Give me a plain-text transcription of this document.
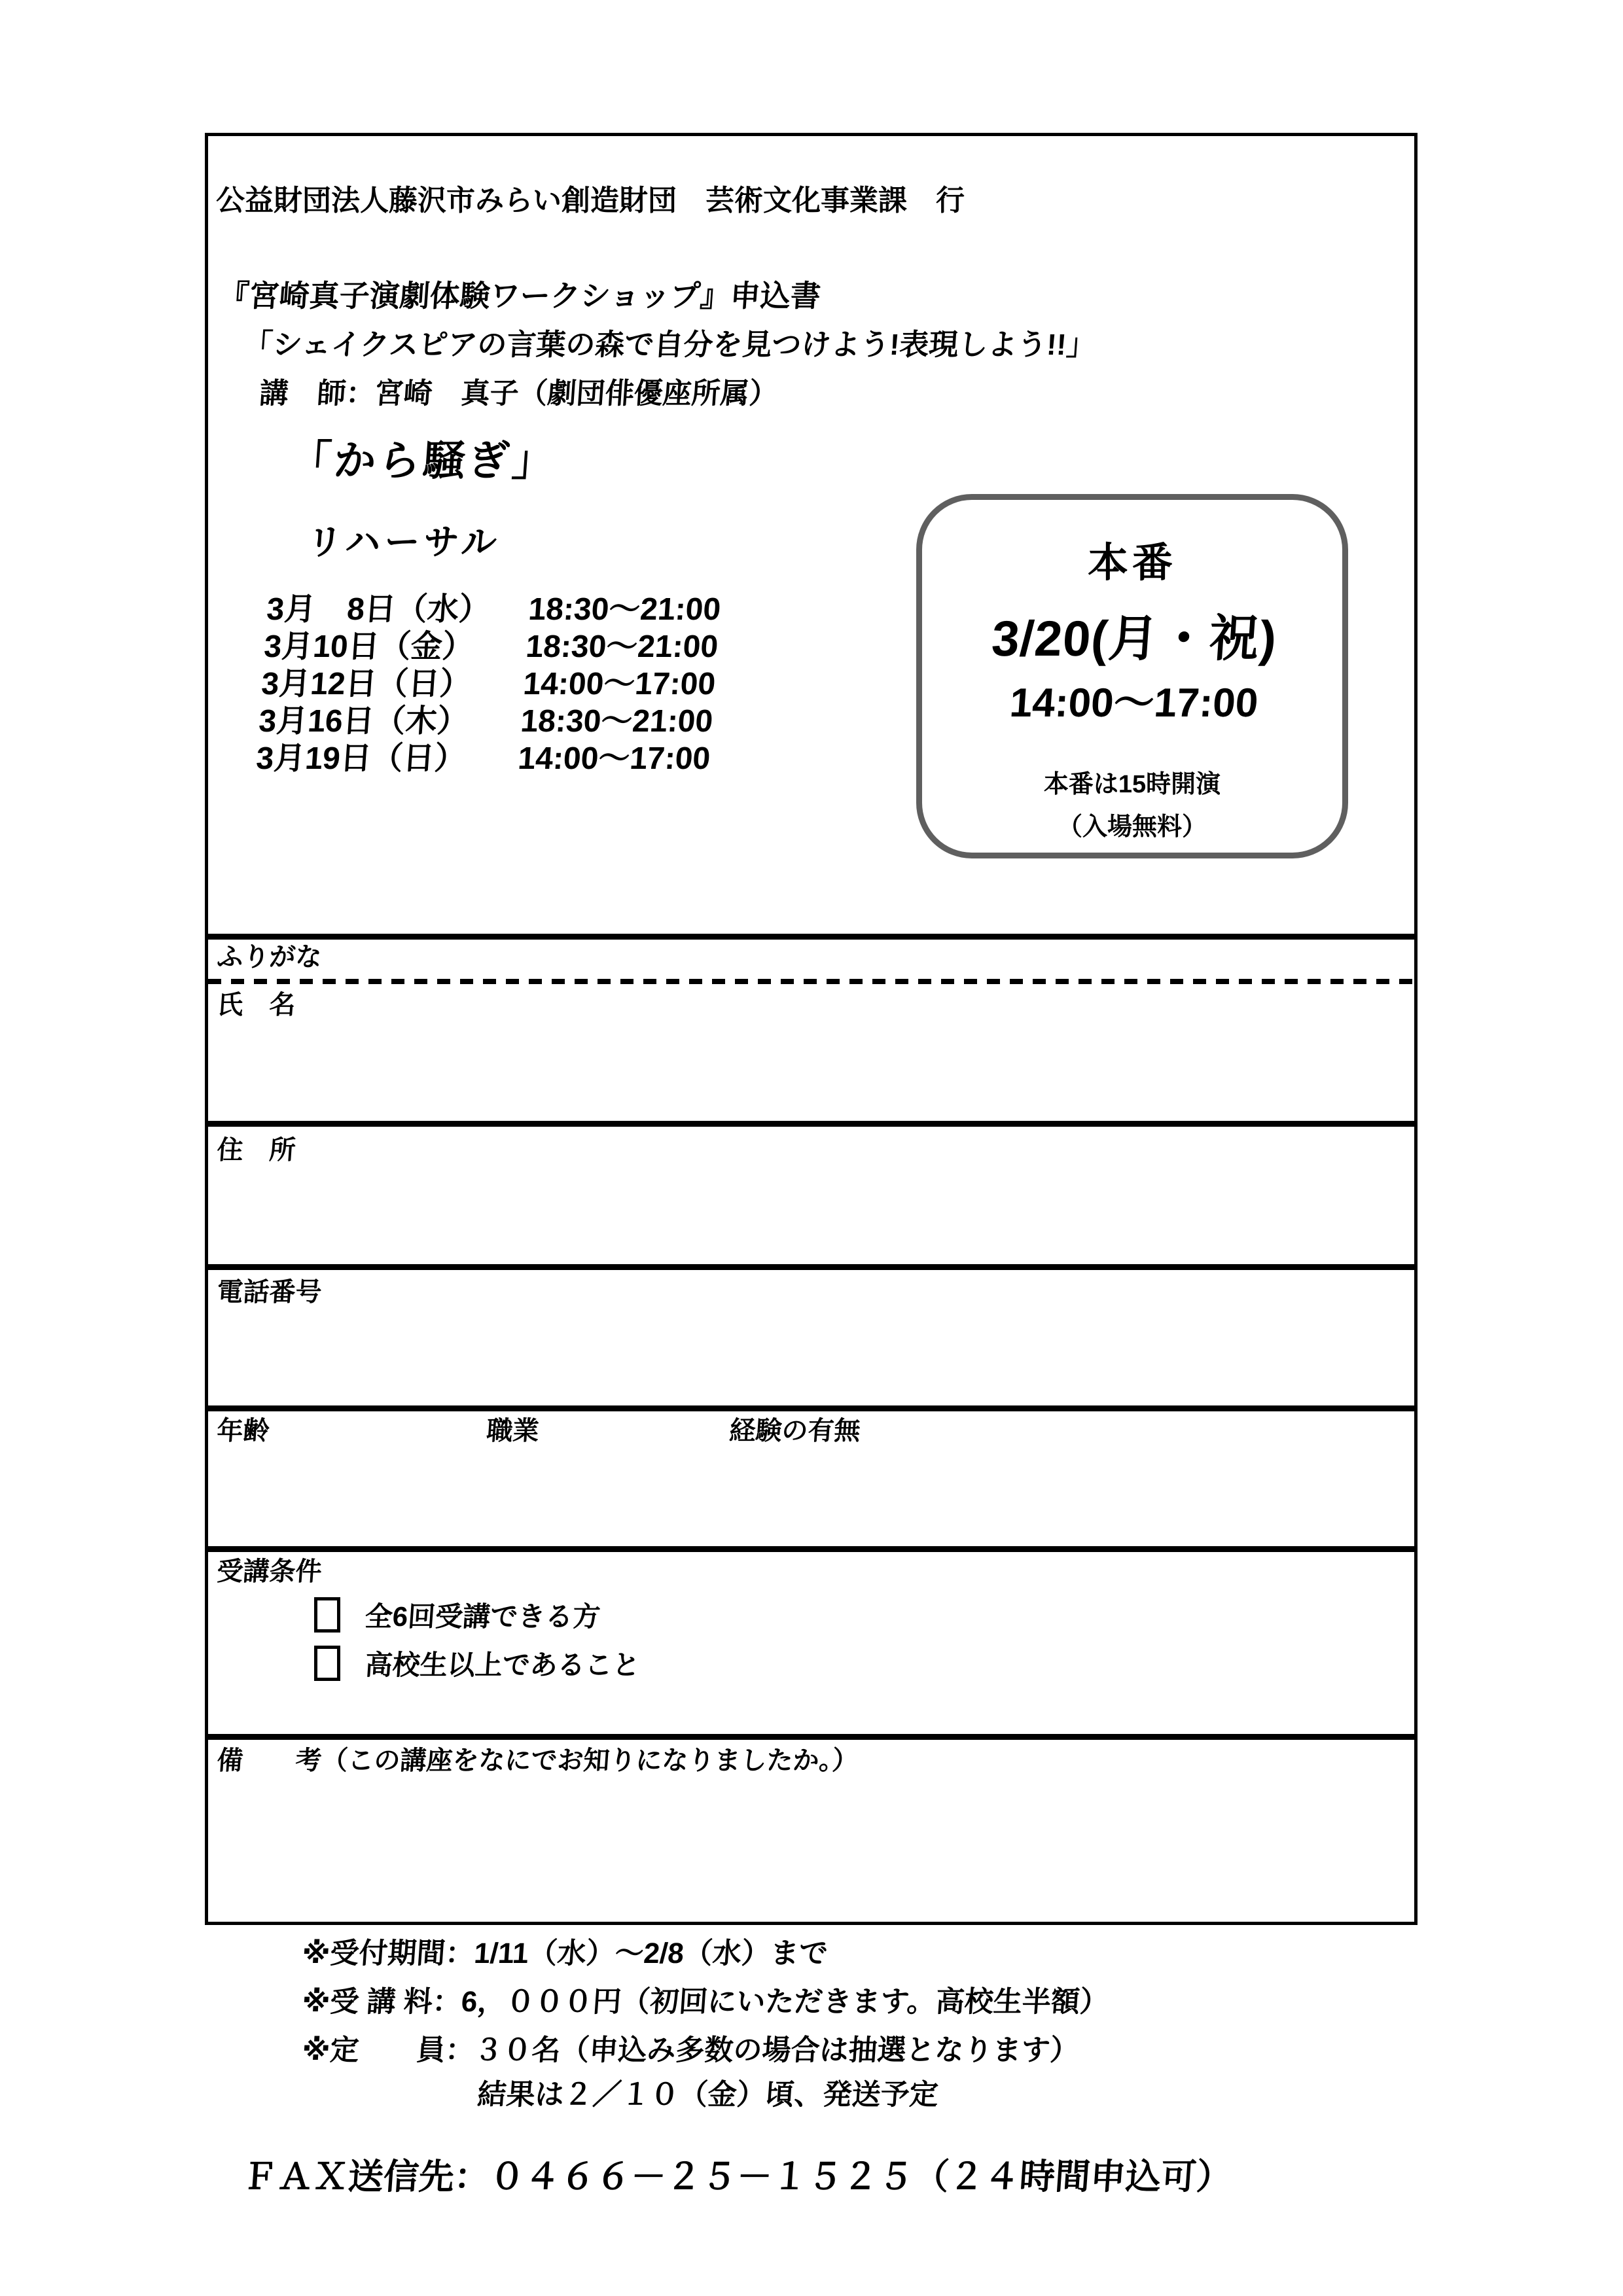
公益財団法人藤沢市みらい創造財団　芸術文化事業課　行
『宮崎真子演劇体験ワークショップ』申込書
「シェイクスピアの言葉の森で自分を見つけよう!表現しよう!!」
講　師：宮崎　真子（劇団俳優座所属）
「から騒ぎ」
リハーサル
3月　8日（水）	18:30～21:00
3月10日（金）	18:30～21:00
3月12日（日）	14:00～17:00
3月16日（木）	18:30～21:00
3月19日（日）	14:00～17:00
本番
3/20(月・祝)
14:00～17:00
本番は15時開演
（入場無料）
ふりがな
氏　名
住　所
電話番号
年齢	職業	経験の有無
受講条件
全6回受講できる方
高校生以上であること
備　　考（この講座をなにでお知りになりましたか。）
※受付期間：1/11（水）～2/8（水）まで
※受 講 料：6，０００円（初回にいただきます。高校生半額）
※定　　員：３０名（申込み多数の場合は抽選となります）
結果は２／１０（金）頃、発送予定
ＦＡＸ送信先：０４６６－２５－１５２５（２４時間申込可）
